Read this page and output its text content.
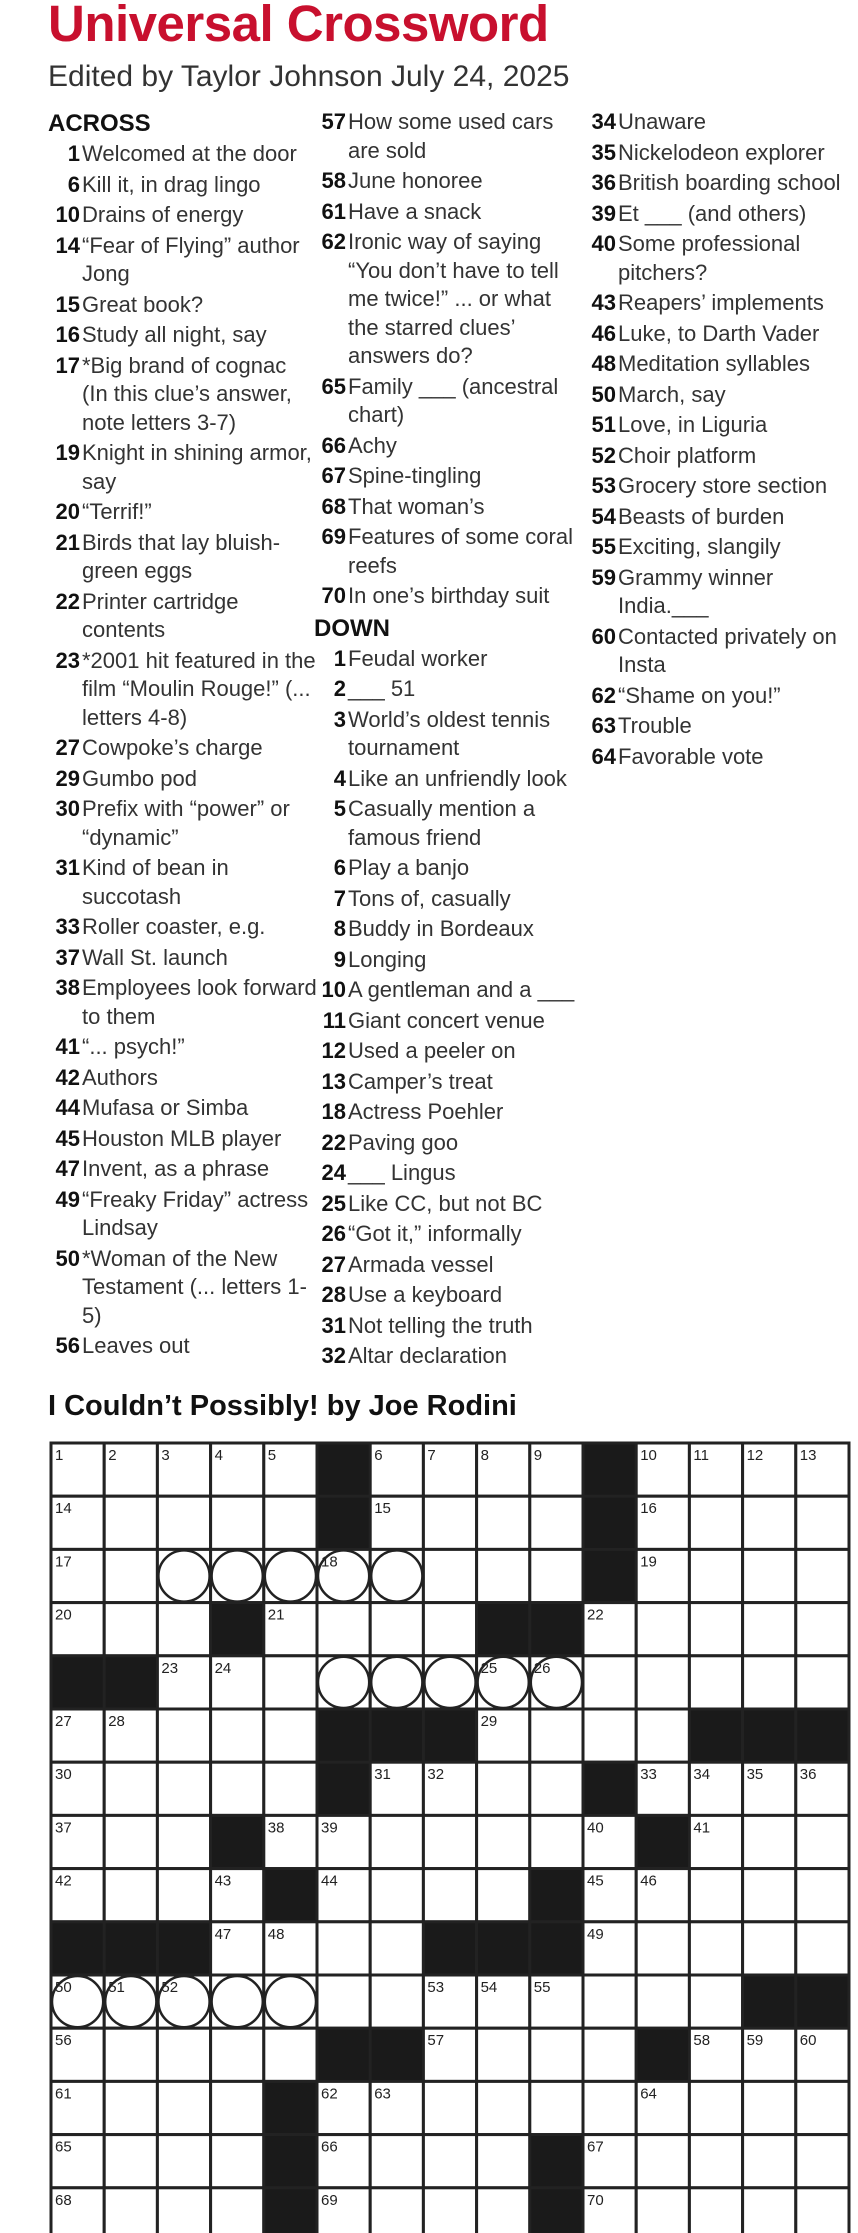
Universal Crossword
Edited by Taylor Johnson July 24, 2025
ACROSS
1 Welcomed at the door
6 Kill it, in drag lingo
10 Drains of energy
14 “Fear of Flying” author Jong
15 Great book?
16 Study all night, say
17 *Big brand of cognac (In this clue’s answer, note letters 3-7)
19 Knight in shining armor, say
20 “Terrif!”
21 Birds that lay bluish-green eggs
22 Printer cartridge contents
23 *2001 hit featured in the film “Moulin Rouge!” (... letters 4-8)
27 Cowpoke’s charge
29 Gumbo pod
30 Prefix with “power” or “dynamic”
31 Kind of bean in succotash
33 Roller coaster, e.g.
37 Wall St. launch
38 Employees look forward to them
41 “... psych!”
42 Authors
44 Mufasa or Simba
45 Houston MLB player
47 Invent, as a phrase
49 “Freaky Friday” actress Lindsay
50 *Woman of the New Testament (... letters 1-5)
56 Leaves out
57 How some used cars are sold
58 June honoree
61 Have a snack
62 Ironic way of saying “You don’t have to tell me twice!” ... or what the starred clues’ answers do?
65 Family ___ (ancestral chart)
66 Achy
67 Spine-tingling
68 That woman’s
69 Features of some coral reefs
70 In one’s birthday suit
DOWN
1 Feudal worker
2 ___ 51
3 World’s oldest tennis tournament
4 Like an unfriendly look
5 Casually mention a famous friend
6 Play a banjo
7 Tons of, casually
8 Buddy in Bordeaux
9 Longing
10 A gentleman and a ___
11 Giant concert venue
12 Used a peeler on
13 Camper’s treat
18 Actress Poehler
22 Paving goo
24 ___ Lingus
25 Like CC, but not BC
26 “Got it,” informally
27 Armada vessel
28 Use a keyboard
31 Not telling the truth
32 Altar declaration
34 Unaware
35 Nickelodeon explorer
36 British boarding school
39 Et ___ (and others)
40 Some professional pitchers?
43 Reapers’ implements
46 Luke, to Darth Vader
48 Meditation syllables
50 March, say
51 Love, in Liguria
52 Choir platform
53 Grocery store section
54 Beasts of burden
55 Exciting, slangily
59 Grammy winner India.___
60 Contacted privately on Insta
62 “Shame on you!”
63 Trouble
64 Favorable vote
I Couldn’t Possibly! by Joe Rodini
1	2	3	4	5	6	7	8	9	10 11	12 13
14	15	16
17	18	19
20	21	22
23 24	25 26
27 28	29
30	31 32	33 34 35 36
37	38 39	40	41
42	43	44	45 46
47 48	49
50 51 52	53 54 55
56	57	58 59 60
61	62 63	64
65	66	67
68	69	70
